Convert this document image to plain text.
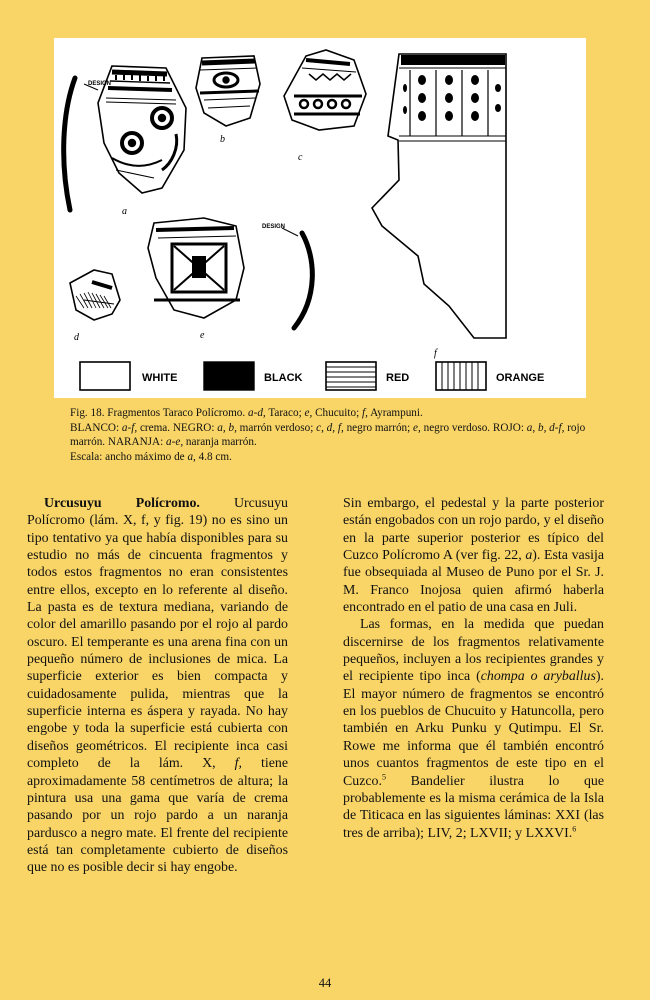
DESIGN
a
b
c
f
d	e
DESIGN
WHITE	BLACK	RED	ORANGE

Fig. 18. Fragmentos Taraco Polícromo. a-d, Taraco; e, Chucuito; f, Ayrampuni.

BLANCO: a-f, crema. NEGRO: a, b, marrón verdoso; c, d, f, negro marrón; e, negro verdoso. ROJO: a, b, d-f, rojo marrón. NARANJA: a-e, naranja marrón.

Escala: ancho máximo de a, 4.8 cm.

Urcusuyu Polícromo. Urcusuyu Polícromo (lám. X, f, y fig. 19) no es sino un tipo tentativo ya que había disponibles para su estudio no más de cincuenta fragmentos y todos estos fragmentos no eran consistentes entre ellos, excepto en lo referente al diseño. La pasta es de textura mediana, variando de color del amarillo pasando por el rojo al pardo oscuro. El temperante es una arena fina con un pequeño número de inclusiones de mica. La superficie exterior es bien compacta y cuidadosamente pulida, mientras que la superficie interna es áspera y rayada. No hay engobe y toda la superficie está cubierta con diseños geométricos. El recipiente inca casi completo de la lám. X, f, tiene aproximadamente 58 centímetros de altura; la pintura usa una gama que varía de crema pasando por un rojo pardo a un naranja pardusco a negro mate. El frente del recipiente está tan completamente cubierto de diseños que no es posible decir si hay engobe.

Sin embargo, el pedestal y la parte posterior están engobados con un rojo pardo, y el diseño en la parte superior posterior es típico del Cuzco Polícromo A (ver fig. 22, a). Esta vasija fue obsequiada al Museo de Puno por el Sr. J. M. Franco Inojosa quien afirmó haberla encontrado en el patio de una casa en Juli.

Las formas, en la medida que puedan discernirse de los fragmentos relativamente pequeños, incluyen a los recipientes grandes y el recipiente tipo inca (chompa o aryballus). El mayor número de fragmentos se encontró en los pueblos de Chucuito y Hatuncolla, pero también en Arku Punku y Qutimpu. El Sr. Rowe me informa que él también encontró unos cuantos fragmentos de este tipo en el Cuzco.$^5$ Bandelier ilustra lo que probablemente es la misma cerámica de la Isla de Titicaca en las siguientes láminas: XXI (las tres de arriba); LIV, 2; LXVII; y LXXVI.$^6$

44
